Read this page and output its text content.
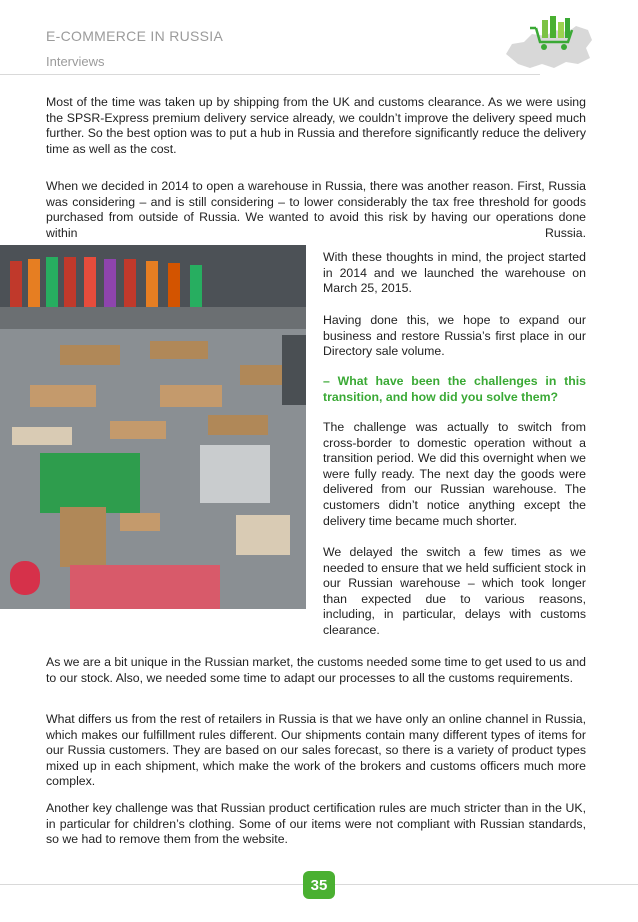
E-COMMERCE IN RUSSIA
Interviews

Most of the time was taken up by shipping from the UK and customs clearance. As we were using the SPSR-Express premium delivery service already, we couldn’t improve the delivery speed much further. So the best option was to put a hub in Russia and therefore significantly reduce the delivery time as well as the cost.

When we decided in 2014 to open a warehouse in Russia, there was another reason. First, Russia was considering – and is still considering – to lower considerably the tax free threshold for goods purchased from outside of Russia. We wanted to avoid this risk by having our operations done within Russia.

With these thoughts in mind, the project started in 2014 and we launched the warehouse on March 25, 2015.

Having done this, we hope to expand our business and restore Russia’s first place in our Directory sale volume.

– What have been the challenges in this transition, and how did you solve them?

The challenge was actually to switch from cross-border to domestic operation without a transition period. We did this overnight when we were fully ready. The next day the goods were delivered from our Russian warehouse. The customers didn’t notice anything except the delivery time became much shorter.

We delayed the switch a few times as we needed to ensure that we held sufficient stock in our Russian warehouse – which took longer than expected due to various reasons, including, in particular, delays with customs clearance.

As we are a bit unique in the Russian market, the customs needed some time to get used to us and to our stock. Also, we needed some time to adapt our processes to all the customs requirements.

What differs us from the rest of retailers in Russia is that we have only an online channel in Russia, which makes our fulfillment rules different. Our shipments contain many different types of items for our Russia customers. They are based on our sales forecast, so there is a variety of product types mixed up in each shipment, which make the work of the brokers and customs officers much more complex.

Another key challenge was that Russian product certification rules are much stricter than in the UK, in particular for children’s clothing. Some of our items were not compliant with Russian standards, so we had to remove them from the website.

35
